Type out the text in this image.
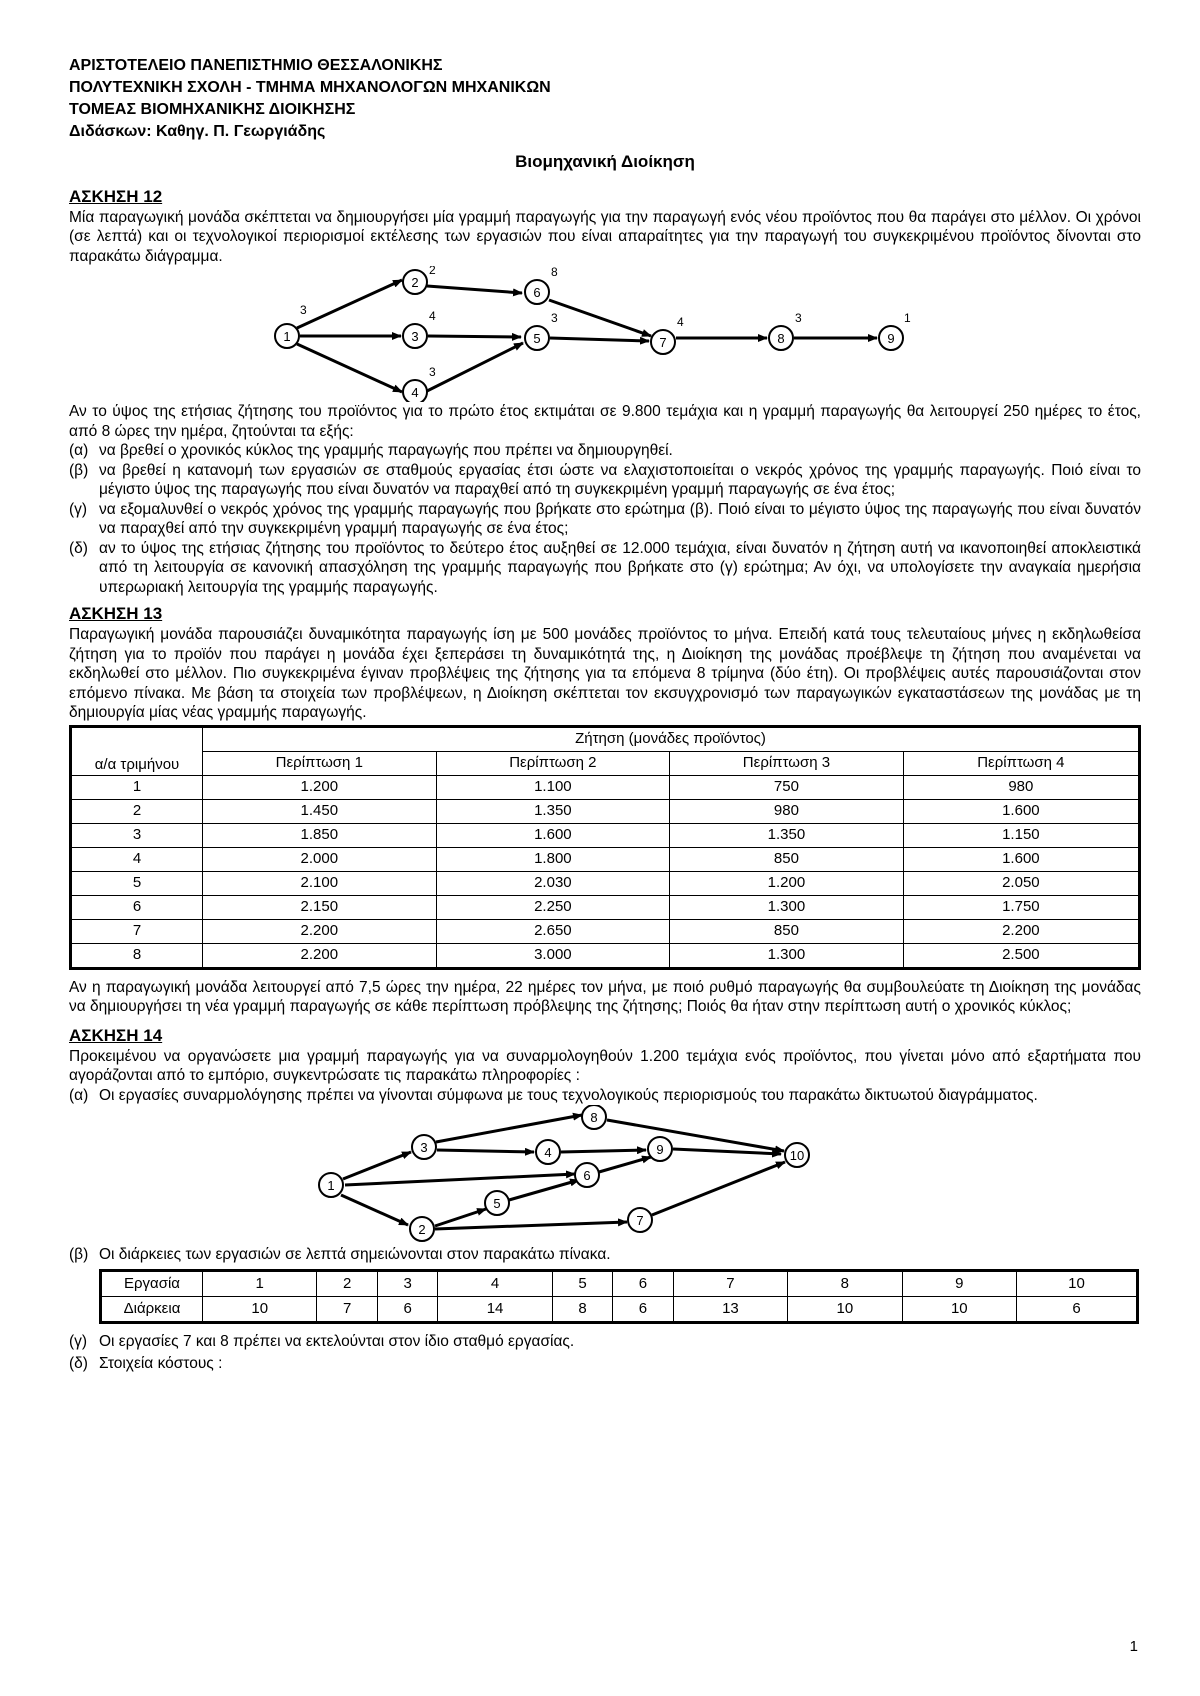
ΑΡΙΣΤΟΤΕΛΕΙΟ ΠΑΝΕΠΙΣΤΗΜΙΟ ΘΕΣΣΑΛΟΝΙΚΗΣ
ΠΟΛΥΤΕΧΝΙΚΗ ΣΧΟΛΗ - ΤΜΗΜΑ ΜΗΧΑΝΟΛΟΓΩΝ ΜΗΧΑΝΙΚΩΝ
ΤΟΜΕΑΣ ΒΙΟΜΗΧΑΝΙΚΗΣ ΔΙΟΙΚΗΣΗΣ
Διδάσκων: Καθηγ. Π. Γεωργιάδης
Βιομηχανική Διοίκηση
ΑΣΚΗΣΗ 12

Μία παραγωγική μονάδα σκέπτεται να δημιουργήσει μία γραμμή παραγωγής για την παραγωγή ενός νέου προϊόντος που θα παράγει στο μέλλον. Οι χρόνοι (σε λεπτά) και οι τεχνολογικοί περιορισμοί εκτέλεσης των εργασιών που είναι απαραίτητες για την παραγωγή του συγκεκριμένου προϊόντος δίνονται στο παρακάτω διάγραμμα.

1
3
2
2
3
4
4
3
5
3
6
8
7
4
8
3
9
1

Αν το ύψος της ετήσιας ζήτησης του προϊόντος για το πρώτο έτος εκτιμάται σε 9.800 τεμάχια και η γραμμή παραγωγής θα λειτουργεί 250 ημέρες το έτος, από 8 ώρες την ημέρα, ζητούνται τα εξής:

(α) να βρεθεί ο χρονικός κύκλος της γραμμής παραγωγής που πρέπει να δημιουργηθεί.
(β) να βρεθεί η κατανομή των εργασιών σε σταθμούς εργασίας έτσι ώστε να ελαχιστοποιείται ο νεκρός χρόνος της γραμμής παραγωγής. Ποιό είναι το μέγιστο ύψος της παραγωγής που είναι δυνατόν να παραχθεί από τη συγκεκριμένη γραμμή παραγωγής σε ένα έτος;
(γ) να εξομαλυνθεί ο νεκρός χρόνος της γραμμής παραγωγής που βρήκατε στο ερώτημα (β). Ποιό είναι το μέγιστο ύψος της παραγωγής που είναι δυνατόν να παραχθεί από την συγκεκριμένη γραμμή παραγωγής σε ένα έτος;
(δ) αν το ύψος της ετήσιας ζήτησης του προϊόντος το δεύτερο έτος αυξηθεί σε 12.000 τεμάχια, είναι δυνατόν η ζήτηση αυτή να ικανοποιηθεί αποκλειστικά από τη λειτουργία σε κανονική απασχόληση της γραμμής παραγωγής που βρήκατε στο (γ) ερώτημα; Αν όχι, να υπολογίσετε την αναγκαία ημερήσια υπερωριακή λειτουργία της γραμμής παραγωγής.
ΑΣΚΗΣΗ 13

Παραγωγική μονάδα παρουσιάζει δυναμικότητα παραγωγής ίση με 500 μονάδες προϊόντος το μήνα. Επειδή κατά τους τελευταίους μήνες η εκδηλωθείσα ζήτηση για το προϊόν που παράγει η μονάδα έχει ξεπεράσει τη δυναμικότητά της, η Διοίκηση της μονάδας προέβλεψε τη ζήτηση που αναμένεται να εκδηλωθεί στο μέλλον. Πιο συγκεκριμένα έγιναν προβλέψεις της ζήτησης για τα επόμενα 8 τρίμηνα (δύο έτη). Οι προβλέψεις αυτές παρουσιάζονται στον επόμενο πίνακα. Με βάση τα στοιχεία των προβλέψεων, η Διοίκηση σκέπτεται τον εκσυγχρονισμό των παραγωγικών εγκαταστάσεων της μονάδας με τη δημιουργία μίας νέας γραμμής παραγωγής.

α/α τριμήνου	Ζήτηση (μονάδες προϊόντος)			
	Περίπτωση 1	Περίπτωση 2	Περίπτωση 3	Περίπτωση 4
1	1.200	1.100	750	980
2	1.450	1.350	980	1.600
3	1.850	1.600	1.350	1.150
4	2.000	1.800	850	1.600
5	2.100	2.030	1.200	2.050
6	2.150	2.250	1.300	1.750
7	2.200	2.650	850	2.200
8	2.200	3.000	1.300	2.500

Αν η παραγωγική μονάδα λειτουργεί από 7,5 ώρες την ημέρα, 22 ημέρες τον μήνα, με ποιό ρυθμό παραγωγής θα συμβουλεύατε τη Διοίκηση της μονάδας να δημιουργήσει τη νέα γραμμή παραγωγής σε κάθε περίπτωση πρόβλεψης της ζήτησης; Ποιός θα ήταν στην περίπτωση αυτή ο χρονικός κύκλος;

ΑΣΚΗΣΗ 14

Προκειμένου να οργανώσετε μια γραμμή παραγωγής για να συναρμολογηθούν 1.200 τεμάχια ενός προϊόντος, που γίνεται μόνο από εξαρτήματα που αγοράζονται από το εμπόριο, συγκεντρώσατε τις παρακάτω πληροφορίες :

(α) Οι εργασίες συναρμολόγησης πρέπει να γίνονται σύμφωνα με τους τεχνολογικούς περιορισμούς του παρακάτω δικτυωτού διαγράμματος.
1
2
3	4
5
6
7
8
9	10
(β) Οι διάρκειες των εργασιών σε λεπτά σημειώνονται στον παρακάτω πίνακα.
Εργασία	1	2	3	4	5	6	7	8	9	10
Διάρκεια	10	7	6	14	8	6	13	10	10	6
(γ) Οι εργασίες 7 και 8 πρέπει να εκτελούνται στον ίδιο σταθμό εργασίας.
(δ) Στοιχεία κόστους :
1
